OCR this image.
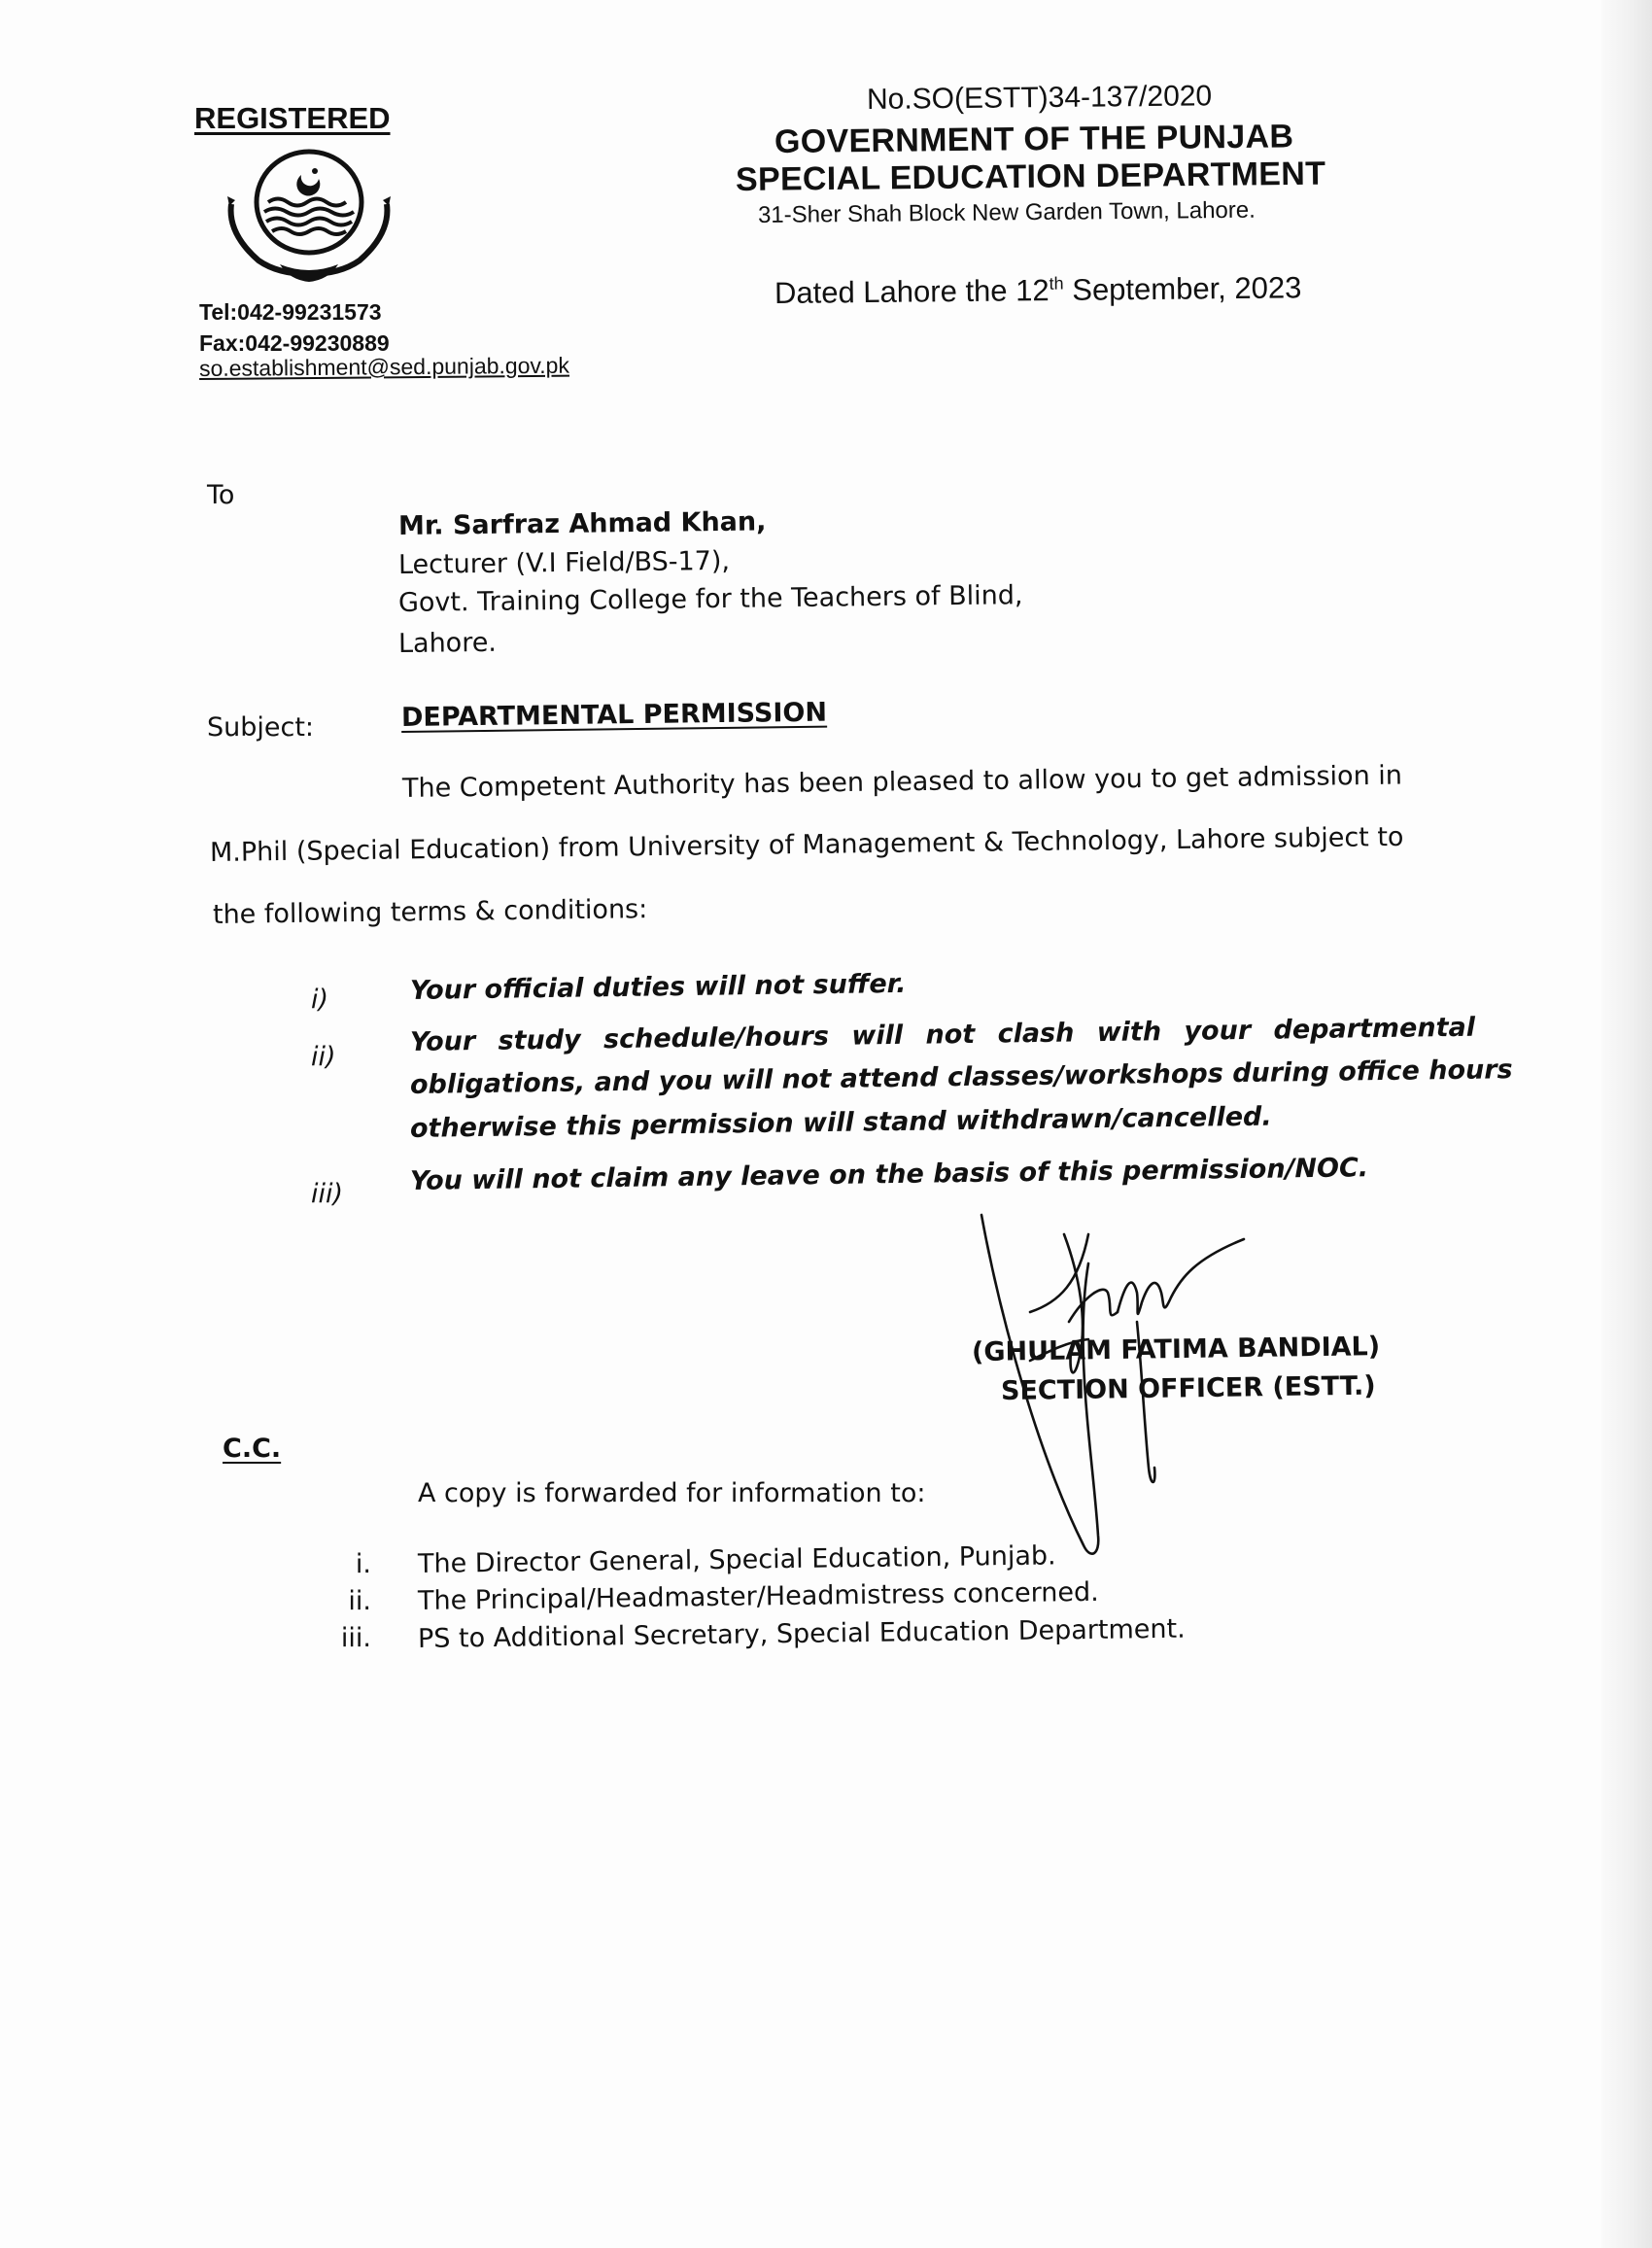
REGISTERED

Tel:042-99231573

Fax:042-99230889

so.establishment@sed.punjab.gov.pk

No.SO(ESTT)34-137/2020

GOVERNMENT OF THE PUNJAB

SPECIAL EDUCATION DEPARTMENT

31-Sher Shah Block New Garden Town, Lahore.

Dated Lahore the 12th September, 2023

To

Mr. Sarfraz Ahmad Khan,

Lecturer (V.I Field/BS-17),

Govt. Training College for the Teachers of Blind,

Lahore.

Subject:	DEPARTMENTAL PERMISSION

The Competent Authority has been pleased to allow you to get admission in

M.Phil (Special Education) from University of Management & Technology, Lahore subject to

the following terms & conditions:

i)	Your official duties will not suffer.

ii)	Your study schedule/hours will not clash with your departmental

obligations, and you will not attend classes/workshops during office hours

otherwise this permission will stand withdrawn/cancelled.

iii)	You will not claim any leave on the basis of this permission/NOC.

(GHULAM FATIMA BANDIAL)

SECTION OFFICER (ESTT.)

C.C.

A copy is forwarded for information to:

i. The Director General, Special Education, Punjab.

ii. The Principal/Headmaster/Headmistress concerned.

iii. PS to Additional Secretary, Special Education Department.
